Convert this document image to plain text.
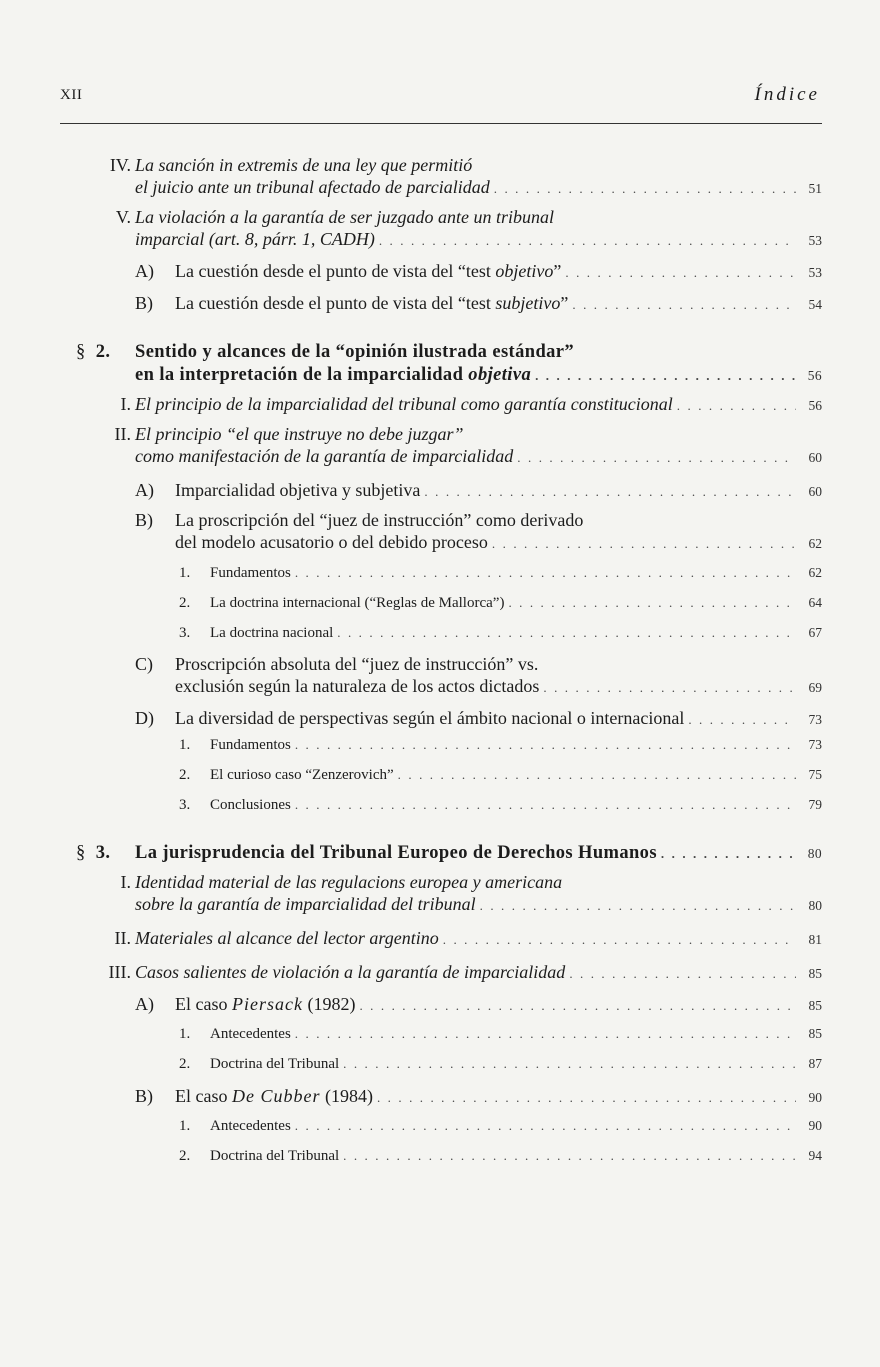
XII	Índice
IV. La sanción in extremis de una ley que permitió
el juicio ante un tribunal afectado de parcialidad . . .	51
V. La violación a la garantía de ser juzgado ante un tribunal
imparcial (art. 8, párr. 1, CADH) . . .	53
A)	La cuestión desde el punto de vista del “test objetivo” . . .	53
B)	La cuestión desde el punto de vista del “test subjetivo” . . .	54
§ 2.	Sentido y alcances de la “opinión ilustrada estándar”
en la interpretación de la imparcialidad objetiva . . .	56
I. El principio de la imparcialidad del tribunal como garantía constitucional . . .	56
II. El principio “el que instruye no debe juzgar”
como manifestación de la garantía de imparcialidad . . .	60
A)	Imparcialidad objetiva y subjetiva . . .	60
B)	La proscripción del “juez de instrucción” como derivado
del modelo acusatorio o del debido proceso . . .	62
1.	Fundamentos . . .	62
2.	La doctrina internacional (“Reglas de Mallorca”) . . .	64
3.	La doctrina nacional . . .	67
C)	Proscripción absoluta del “juez de instrucción” vs.
exclusión según la naturaleza de los actos dictados . . .	69
D)	La diversidad de perspectivas según el ámbito nacional o internacional . . .	73
1.	Fundamentos . . .	73
2.	El curioso caso “Zenzerovich” . . .	75
3.	Conclusiones . . .	79
§ 3.	La jurisprudencia del Tribunal Europeo de Derechos Humanos . . .	80
I. Identidad material de las regulacions europea y americana
sobre la garantía de imparcialidad del tribunal . . .	80
II. Materiales al alcance del lector argentino . . .	81
III. Casos salientes de violación a la garantía de imparcialidad . . .	85
A)	El caso Piersack (1982) . . .	85
1.	Antecedentes . . .	85
2.	Doctrina del Tribunal . . .	87
B)	El caso De Cubber (1984) . . .	90
1.	Antecedentes . . .	90
2.	Doctrina del Tribunal . . .	94
